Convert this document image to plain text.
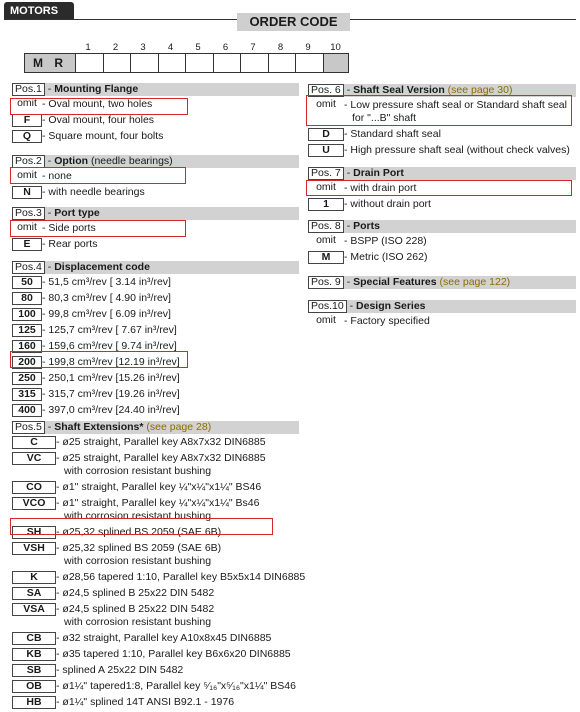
MOTORS
ORDER CODE
1	2	3	4	5	6	7	8	9	10
M R
Pos.1 - Mounting Flange
omit- Oval mount, two holes
F- Oval mount, four holes
Q- Square mount, four bolts
Pos.2 - Option (needle bearings)
omit- none
N- with needle bearings
Pos.3 - Port type
omit- Side ports
E- Rear ports
Pos.4 - Displacement code
50- 51,5 cm³/rev [ 3.14 in³/rev]
80- 80,3 cm³/rev [ 4.90 in³/rev]
100- 99,8 cm³/rev [ 6.09 in³/rev]
125- 125,7 cm³/rev [ 7.67 in³/rev]
160- 159,6 cm³/rev [ 9.74 in³/rev]
200- 199,8 cm³/rev [12.19 in³/rev]
250- 250,1 cm³/rev [15.26 in³/rev]
315- 315,7 cm³/rev [19.26 in³/rev]
400- 397,0 cm³/rev [24.40 in³/rev]
Pos.5 - Shaft Extensions* (see page 28)
C- ø25 straight, Parallel key A8x7x32 DIN6885
VC- ø25 straight, Parallel key A8x7x32 DIN6885
with corrosion resistant bushing
CO- ø1" straight, Parallel key ¼"x¼"x1¼" BS46
VCO- ø1" straight, Parallel key ¼"x¼"x1¼" Bs46
with corrosion resistant bushing
SH- ø25,32 splined BS 2059 (SAE 6B)
VSH- ø25,32 splined BS 2059 (SAE 6B)
with corrosion resistant bushing
K- ø28,56 tapered 1:10, Parallel key B5x5x14 DIN6885
SA- ø24,5 splined B 25x22 DIN 5482
VSA- ø24,5 splined B 25x22 DIN 5482
with corrosion resistant bushing
CB- ø32 straight, Parallel key A10x8x45 DIN6885
KB- ø35 tapered 1:10, Parallel key B6x6x20 DIN6885
SB- splined A 25x22 DIN 5482
OB- ø1¼" tapered1:8, Parallel key ⁵⁄₁₆"x⁵⁄₁₆"x1¼" BS46
HB- ø1¼" splined 14T ANSI B92.1 - 1976
Pos. 6 - Shaft Seal Version (see page 30)
omit- Low pressure shaft seal or Standard shaft seal
for "...B" shaft
D- Standard shaft seal
U- High pressure shaft seal (without check valves)
Pos. 7 - Drain Port
omit- with drain port
1- without drain port
Pos. 8 - Ports
omit- BSPP (ISO 228)
M- Metric (ISO 262)
Pos. 9 - Special Features (see page 122)
Pos.10 - Design Series
omit- Factory specified
